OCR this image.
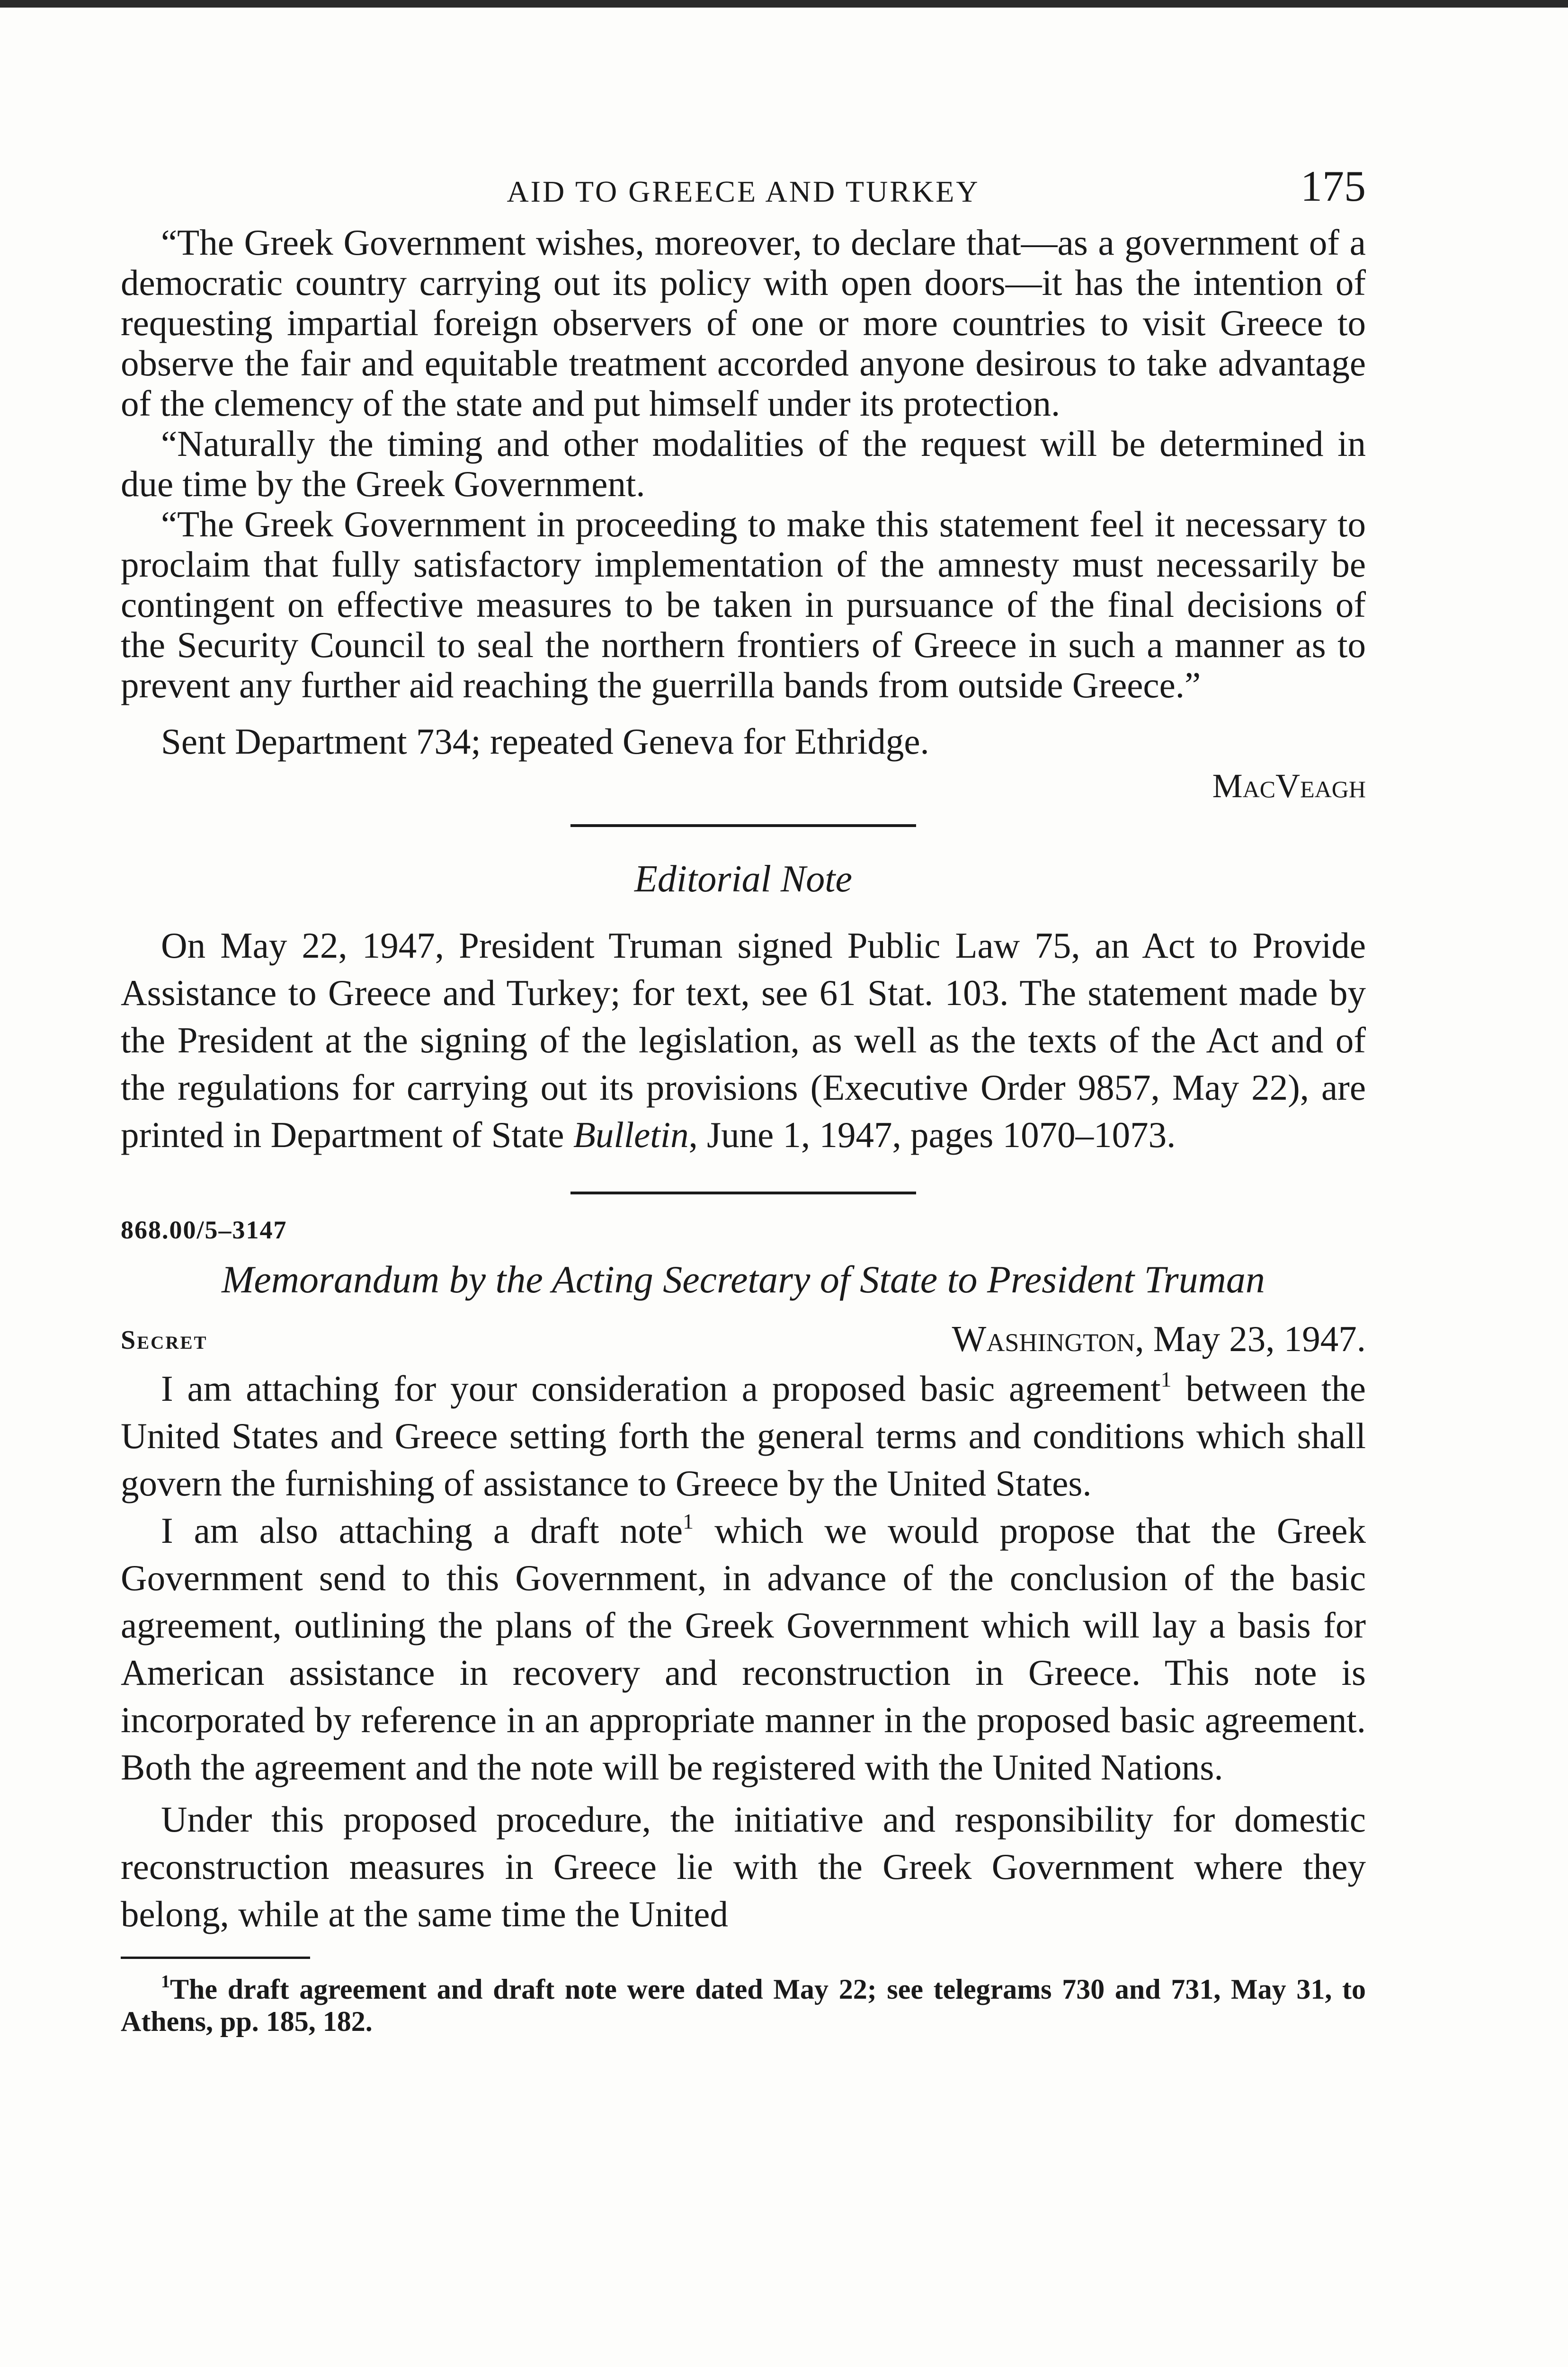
AID TO GREECE AND TURKEY	175

“The Greek Government wishes, moreover, to declare that—as a government of a democratic country carrying out its policy with open doors—it has the intention of requesting impartial foreign observers of one or more countries to visit Greece to observe the fair and equitable treatment accorded anyone desirous to take advantage of the clemency of the state and put himself under its protection.

“Naturally the timing and other modalities of the request will be determined in due time by the Greek Government.

“The Greek Government in proceeding to make this statement feel it necessary to proclaim that fully satisfactory implementation of the amnesty must necessarily be contingent on effective measures to be taken in pursuance of the final decisions of the Security Council to seal the northern frontiers of Greece in such a manner as to prevent any further aid reaching the guerrilla bands from outside Greece.”

Sent Department 734; repeated Geneva for Ethridge.

MacVeagh
Editorial Note

On May 22, 1947, President Truman signed Public Law 75, an Act to Provide Assistance to Greece and Turkey; for text, see 61 Stat. 103. The statement made by the President at the signing of the legislation, as well as the texts of the Act and of the regulations for carrying out its provisions (Executive Order 9857, May 22), are printed in Department of State Bulletin, June 1, 1947, pages 1070–1073.

868.00/5–3147
Memorandum by the Acting Secretary of State to President Truman
Secret	Washington, May 23, 1947.

I am attaching for your consideration a proposed basic agreement$^1$ between the United States and Greece setting forth the general terms and conditions which shall govern the furnishing of assistance to Greece by the United States.

I am also attaching a draft note$^1$ which we would propose that the Greek Government send to this Government, in advance of the conclusion of the basic agreement, outlining the plans of the Greek Government which will lay a basis for American assistance in recovery and reconstruction in Greece. This note is incorporated by reference in an appropriate manner in the proposed basic agreement. Both the agreement and the note will be registered with the United Nations.

Under this proposed procedure, the initiative and responsibility for domestic reconstruction measures in Greece lie with the Greek Government where they belong, while at the same time the United

$^1$The draft agreement and draft note were dated May 22; see telegrams 730 and 731, May 31, to Athens, pp. 185, 182.
